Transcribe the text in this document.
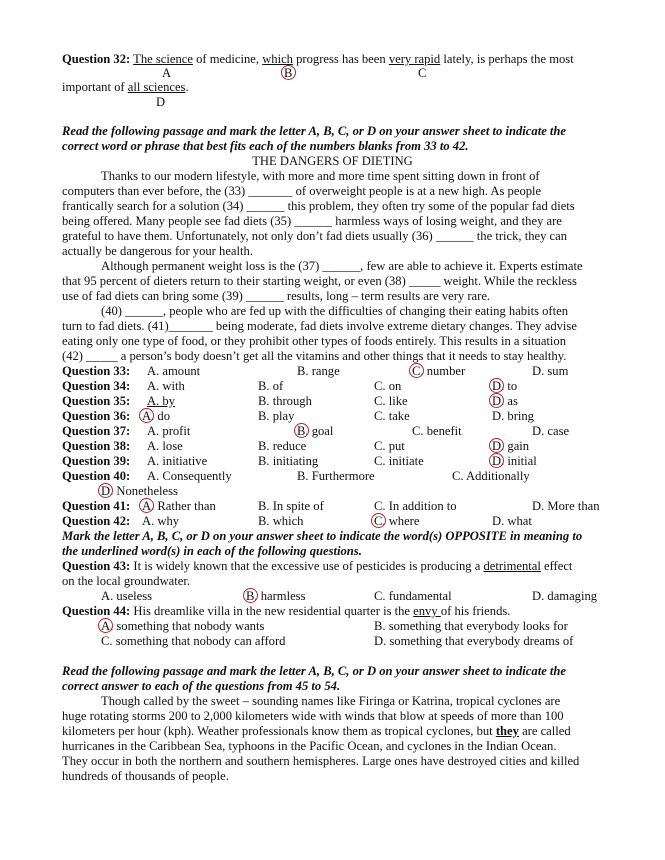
Question 32: The science of medicine, which progress has been very rapid lately, is perhaps the most
A	B	C
important of all sciences.
D
Read the following passage and mark the letter A, B, C, or D on your answer sheet to indicate the
correct word or phrase that best fits each of the numbers blanks from 33 to 42.
THE DANGERS OF DIETING
Thanks to our modern lifestyle, with more and more time spent sitting down in front of
computers than ever before, the (33) _______ of overweight people is at a new high. As people
frantically search for a solution (34) ______ this problem, they often try some of the popular fad diets
being offered. Many people see fad diets (35) ______ harmless ways of losing weight, and they are
grateful to have them. Unfortunately, not only don’t fad diets usually (36) ______ the trick, they can
actually be dangerous for your health.
Although permanent weight loss is the (37) ______, few are able to achieve it. Experts estimate
that 95 percent of dieters return to their starting weight, or even (38) _____ weight. While the reckless
use of fad diets can bring some (39) ______ results, long – term results are very rare.
(40) ______, people who are fed up with the difficulties of changing their eating habits often
turn to fad diets. (41)_______ being moderate, fad diets involve extreme dietary changes. They advise
eating only one type of food, or they prohibit other types of foods entirely. This results in a situation
(42) _____ a person’s body doesn’t get all the vitamins and other things that it needs to stay healthy.
Question 33: A. amount	B. range	C. number	D. sum
Question 34: A. with	B. of	C. on	D. to
Question 35: A. by	B. through	C. like	D. as
Question 36: A. do	B. play	C. take	D. bring
Question 37: A. profit	B. goal	C. benefit	D. case
Question 38: A. lose	B. reduce	C. put	D. gain
Question 39: A. initiative	B. initiating	C. initiate	D. initial
Question 40: A. Consequently	B. Furthermore	C. Additionally
D. Nonetheless
Question 41: A. Rather than	B. In spite of	C. In addition to	D. More than
Question 42: A. why	B. which	C. where	D. what
Mark the letter A, B, C, or D on your answer sheet to indicate the word(s) OPPOSITE in meaning to
the underlined word(s) in each of the following questions.
Question 43: It is widely known that the excessive use of pesticides is producing a detrimental effect
on the local groundwater.
A. useless	B. harmless	C. fundamental	D. damaging
Question 44: His dreamlike villa in the new residential quarter is the envy of his friends.
A. something that nobody wants	B. something that everybody looks for
C. something that nobody can afford	D. something that everybody dreams of
Read the following passage and mark the letter A, B, C, or D on your answer sheet to indicate the
correct answer to each of the questions from 45 to 54.
Though called by the sweet – sounding names like Firinga or Katrina, tropical cyclones are
huge rotating storms 200 to 2,000 kilometers wide with winds that blow at speeds of more than 100
kilometers per hour (kph). Weather professionals know them as tropical cyclones, but they are called
hurricanes in the Caribbean Sea, typhoons in the Pacific Ocean, and cyclones in the Indian Ocean.
They occur in both the northern and southern hemispheres. Large ones have destroyed cities and killed
hundreds of thousands of people.
